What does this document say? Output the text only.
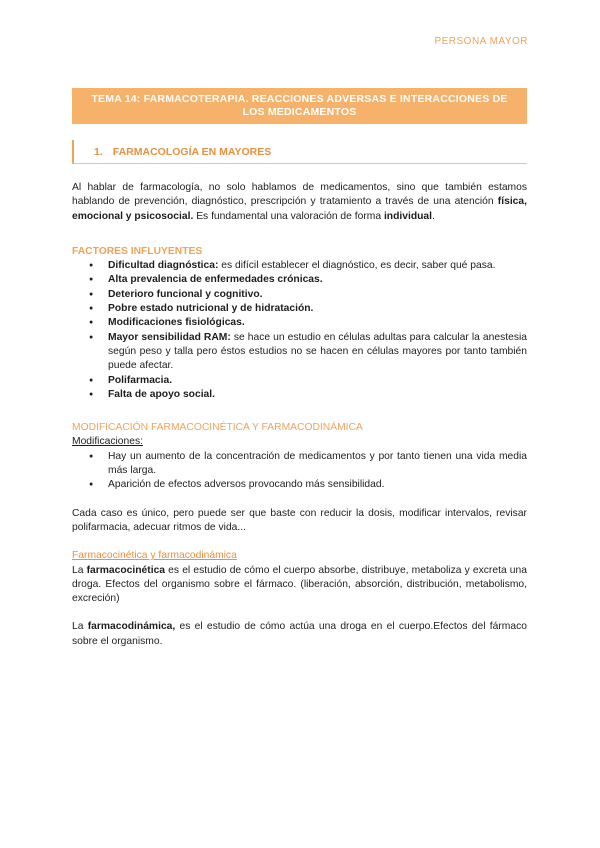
PERSONA MAYOR
TEMA 14: FARMACOTERAPIA. REACCIONES ADVERSAS E INTERACCIONES DE
LOS MEDICAMENTOS
1. FARMACOLOGÍA EN MAYORES

Al hablar de farmacología, no solo hablamos de medicamentos, sino que también estamos hablando de prevención, diagnóstico, prescripción y tratamiento a través de una atención física, emocional y psicosocial. Es fundamental una valoración de forma individual.

FACTORES INFLUYENTES

● Dificultad diagnóstica: es difícil establecer el diagnóstico, es decir, saber qué pasa.
● Alta prevalencia de enfermedades crónicas.
● Deterioro funcional y cognitivo.
● Pobre estado nutricional y de hidratación.
● Modificaciones fisiológicas.
● Mayor sensibilidad RAM: se hace un estudio en células adultas para calcular la anestesia según peso y talla pero éstos estudios no se hacen en células mayores por tanto también puede afectar.
● Polifarmacia.
● Falta de apoyo social.

MODIFICACIÓN FARMACOCINÉTICA Y FARMACODINÁMICA

Modificaciones:

● Hay un aumento de la concentración de medicamentos y por tanto tienen una vida media más larga.
● Aparición de efectos adversos provocando más sensibilidad.

Cada caso es único, pero puede ser que baste con reducir la dosis, modificar intervalos, revisar polifarmacia, adecuar ritmos de vida...

Farmacocinética y farmacodinámica

La farmacocinética es el estudio de cómo el cuerpo absorbe, distribuye, metaboliza y excreta una droga. Efectos del organismo sobre el fármaco. (liberación, absorción, distribución, metabolismo, excreción)

La farmacodinámica, es el estudio de cómo actúa una droga en el cuerpo.Efectos del fármaco sobre el organismo.
